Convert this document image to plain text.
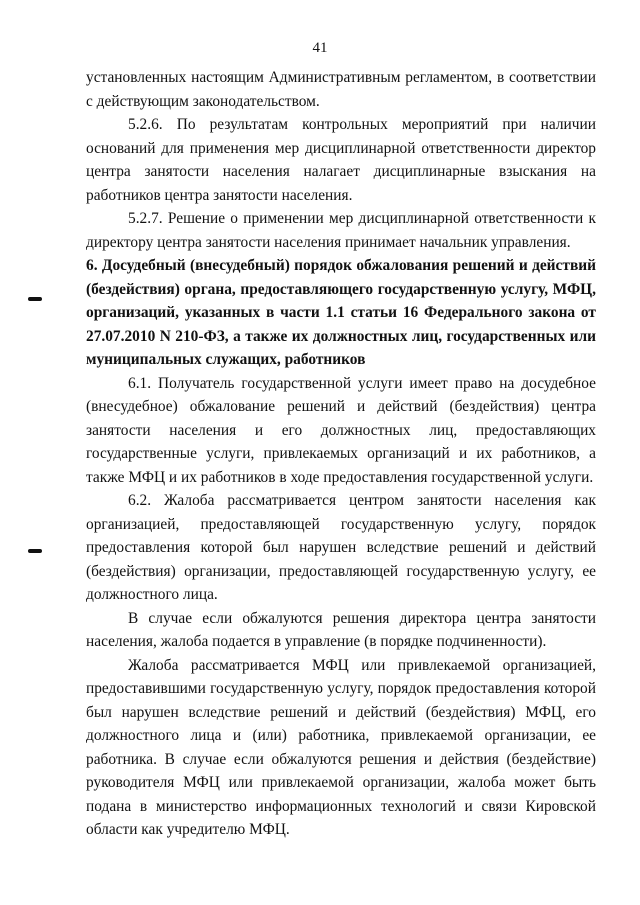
41

установленных настоящим Административным регламентом, в соответствии с действующим законодательством.

5.2.6. По результатам контрольных мероприятий при наличии оснований для применения мер дисциплинарной ответственности директор центра занятости населения налагает дисциплинарные взыскания на работников центра занятости населения.

5.2.7. Решение о применении мер дисциплинарной ответственности к директору центра занятости населения принимает начальник управления.

6. Досудебный (внесудебный) порядок обжалования решений и действий (бездействия) органа, предоставляющего государственную услугу, МФЦ, организаций, указанных в части 1.1 статьи 16 Федерального закона от 27.07.2010 N 210-ФЗ, а также их должностных лиц, государственных или муниципальных служащих, работников

6.1. Получатель государственной услуги имеет право на досудебное (внесудебное) обжалование решений и действий (бездействия) центра занятости населения и его должностных лиц, предоставляющих государственные услуги, привлекаемых организаций и их работников, а также МФЦ и их работников в ходе предоставления государственной услуги.

6.2. Жалоба рассматривается центром занятости населения как организацией, предоставляющей государственную услугу, порядок предоставления которой был нарушен вследствие решений и действий (бездействия) организации, предоставляющей государственную услугу, ее должностного лица.

В случае если обжалуются решения директора центра занятости населения, жалоба подается в управление (в порядке подчиненности).

Жалоба рассматривается МФЦ или привлекаемой организацией, предоставившими государственную услугу, порядок предоставления которой был нарушен вследствие решений и действий (бездействия) МФЦ, его должностного лица и (или) работника, привлекаемой организации, ее работника. В случае если обжалуются решения и действия (бездействие) руководителя МФЦ или привлекаемой организации, жалоба может быть подана в министерство информационных технологий и связи Кировской области как учредителю МФЦ.
